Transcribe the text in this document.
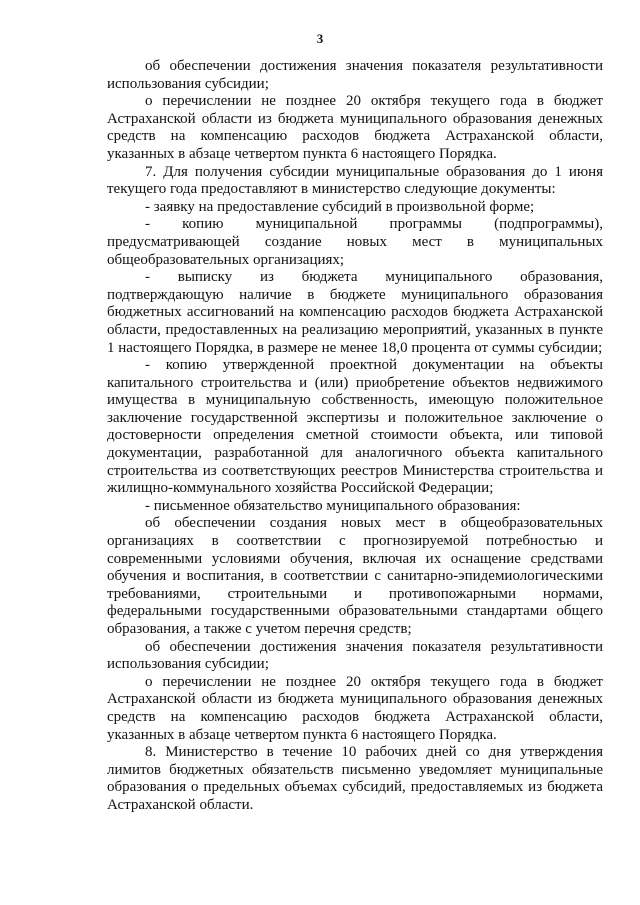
3

об обеспечении достижения значения показателя результативности использования субсидии;

о перечислении не позднее 20 октября текущего года в бюджет Астраханской области из бюджета муниципального образования денежных средств на компенсацию расходов бюджета Астраханской области, указанных в абзаце четвертом пункта 6 настоящего Порядка.

7. Для получения субсидии муниципальные образования до 1 июня текущего года предоставляют в министерство следующие документы:

- заявку на предоставление субсидий в произвольной форме;

- копию муниципальной программы (подпрограммы), предусматривающей создание новых мест в муниципальных общеобразовательных организациях;

- выписку из бюджета муниципального образования, подтверждающую наличие в бюджете муниципального образования бюджетных ассигнований на компенсацию расходов бюджета Астраханской области, предоставленных на реализацию мероприятий, указанных в пункте 1 настоящего Порядка, в размере не менее 18,0 процента от суммы субсидии;

- копию утвержденной проектной документации на объекты капитального строительства и (или) приобретение объектов недвижимого имущества в муниципальную собственность, имеющую положительное заключение государственной экспертизы и положительное заключение о достоверности определения сметной стоимости объекта, или типовой документации, разработанной для аналогичного объекта капитального строительства из соответствующих реестров Министерства строительства и жилищно-коммунального хозяйства Российской Федерации;

- письменное обязательство муниципального образования:

об обеспечении создания новых мест в общеобразовательных организациях в соответствии с прогнозируемой потребностью и современными условиями обучения, включая их оснащение средствами обучения и воспитания, в соответствии с санитарно-эпидемиологическими требованиями, строительными и противопожарными нормами, федеральными государственными образовательными стандартами общего образования, а также с учетом перечня средств;

об обеспечении достижения значения показателя результативности использования субсидии;

о перечислении не позднее 20 октября текущего года в бюджет Астраханской области из бюджета муниципального образования денежных средств на компенсацию расходов бюджета Астраханской области, указанных в абзаце четвертом пункта 6 настоящего Порядка.

8. Министерство в течение 10 рабочих дней со дня утверждения лимитов бюджетных обязательств письменно уведомляет муниципальные образования о предельных объемах субсидий, предоставляемых из бюджета Астраханской области.
